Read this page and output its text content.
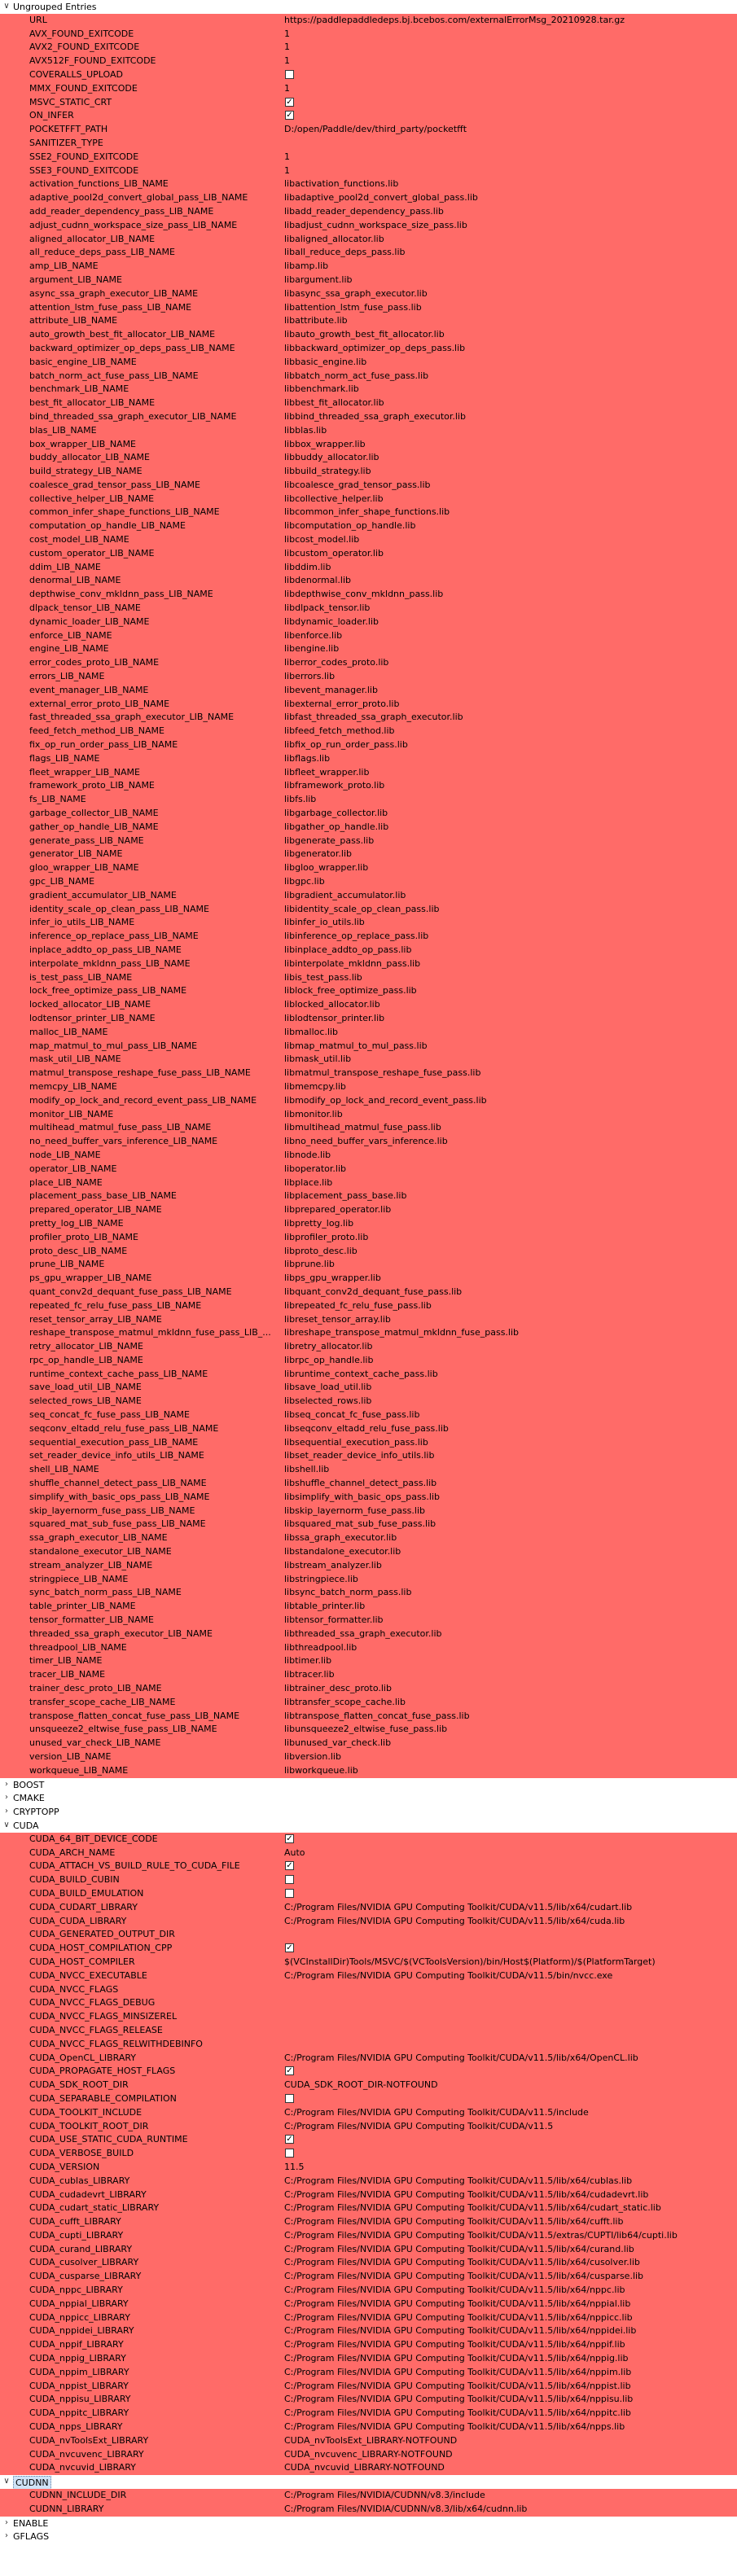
∨ Ungrouped Entries
URL	https://paddlepaddledeps.bj.bcebos.com/externalErrorMsg_20210928.tar.gz
AVX_FOUND_EXITCODE	1
AVX2_FOUND_EXITCODE	1
AVX512F_FOUND_EXITCODE	1
COVERALLS_UPLOAD
MMX_FOUND_EXITCODE	1
MSVC_STATIC_CRT	✓
ON_INFER	✓
POCKETFFT_PATH	D:/open/Paddle/dev/third_party/pocketfft
SANITIZER_TYPE
SSE2_FOUND_EXITCODE	1
SSE3_FOUND_EXITCODE	1
activation_functions_LIB_NAME	libactivation_functions.lib
adaptive_pool2d_convert_global_pass_LIB_NAME	libadaptive_pool2d_convert_global_pass.lib
add_reader_dependency_pass_LIB_NAME	libadd_reader_dependency_pass.lib
adjust_cudnn_workspace_size_pass_LIB_NAME	libadjust_cudnn_workspace_size_pass.lib
aligned_allocator_LIB_NAME	libaligned_allocator.lib
all_reduce_deps_pass_LIB_NAME	liball_reduce_deps_pass.lib
amp_LIB_NAME	libamp.lib
argument_LIB_NAME	libargument.lib
async_ssa_graph_executor_LIB_NAME	libasync_ssa_graph_executor.lib
attention_lstm_fuse_pass_LIB_NAME	libattention_lstm_fuse_pass.lib
attribute_LIB_NAME	libattribute.lib
auto_growth_best_fit_allocator_LIB_NAME	libauto_growth_best_fit_allocator.lib
backward_optimizer_op_deps_pass_LIB_NAME	libbackward_optimizer_op_deps_pass.lib
basic_engine_LIB_NAME	libbasic_engine.lib
batch_norm_act_fuse_pass_LIB_NAME	libbatch_norm_act_fuse_pass.lib
benchmark_LIB_NAME	libbenchmark.lib
best_fit_allocator_LIB_NAME	libbest_fit_allocator.lib
bind_threaded_ssa_graph_executor_LIB_NAME	libbind_threaded_ssa_graph_executor.lib
blas_LIB_NAME	libblas.lib
box_wrapper_LIB_NAME	libbox_wrapper.lib
buddy_allocator_LIB_NAME	libbuddy_allocator.lib
build_strategy_LIB_NAME	libbuild_strategy.lib
coalesce_grad_tensor_pass_LIB_NAME	libcoalesce_grad_tensor_pass.lib
collective_helper_LIB_NAME	libcollective_helper.lib
common_infer_shape_functions_LIB_NAME	libcommon_infer_shape_functions.lib
computation_op_handle_LIB_NAME	libcomputation_op_handle.lib
cost_model_LIB_NAME	libcost_model.lib
custom_operator_LIB_NAME	libcustom_operator.lib
ddim_LIB_NAME	libddim.lib
denormal_LIB_NAME	libdenormal.lib
depthwise_conv_mkldnn_pass_LIB_NAME	libdepthwise_conv_mkldnn_pass.lib
dlpack_tensor_LIB_NAME	libdlpack_tensor.lib
dynamic_loader_LIB_NAME	libdynamic_loader.lib
enforce_LIB_NAME	libenforce.lib
engine_LIB_NAME	libengine.lib
error_codes_proto_LIB_NAME	liberror_codes_proto.lib
errors_LIB_NAME	liberrors.lib
event_manager_LIB_NAME	libevent_manager.lib
external_error_proto_LIB_NAME	libexternal_error_proto.lib
fast_threaded_ssa_graph_executor_LIB_NAME	libfast_threaded_ssa_graph_executor.lib
feed_fetch_method_LIB_NAME	libfeed_fetch_method.lib
fix_op_run_order_pass_LIB_NAME	libfix_op_run_order_pass.lib
flags_LIB_NAME	libflags.lib
fleet_wrapper_LIB_NAME	libfleet_wrapper.lib
framework_proto_LIB_NAME	libframework_proto.lib
fs_LIB_NAME	libfs.lib
garbage_collector_LIB_NAME	libgarbage_collector.lib
gather_op_handle_LIB_NAME	libgather_op_handle.lib
generate_pass_LIB_NAME	libgenerate_pass.lib
generator_LIB_NAME	libgenerator.lib
gloo_wrapper_LIB_NAME	libgloo_wrapper.lib
gpc_LIB_NAME	libgpc.lib
gradient_accumulator_LIB_NAME	libgradient_accumulator.lib
identity_scale_op_clean_pass_LIB_NAME	libidentity_scale_op_clean_pass.lib
infer_io_utils_LIB_NAME	libinfer_io_utils.lib
inference_op_replace_pass_LIB_NAME	libinference_op_replace_pass.lib
inplace_addto_op_pass_LIB_NAME	libinplace_addto_op_pass.lib
interpolate_mkldnn_pass_LIB_NAME	libinterpolate_mkldnn_pass.lib
is_test_pass_LIB_NAME	libis_test_pass.lib
lock_free_optimize_pass_LIB_NAME	liblock_free_optimize_pass.lib
locked_allocator_LIB_NAME	liblocked_allocator.lib
lodtensor_printer_LIB_NAME	liblodtensor_printer.lib
malloc_LIB_NAME	libmalloc.lib
map_matmul_to_mul_pass_LIB_NAME	libmap_matmul_to_mul_pass.lib
mask_util_LIB_NAME	libmask_util.lib
matmul_transpose_reshape_fuse_pass_LIB_NAME	libmatmul_transpose_reshape_fuse_pass.lib
memcpy_LIB_NAME	libmemcpy.lib
modify_op_lock_and_record_event_pass_LIB_NAME	libmodify_op_lock_and_record_event_pass.lib
monitor_LIB_NAME	libmonitor.lib
multihead_matmul_fuse_pass_LIB_NAME	libmultihead_matmul_fuse_pass.lib
no_need_buffer_vars_inference_LIB_NAME	libno_need_buffer_vars_inference.lib
node_LIB_NAME	libnode.lib
operator_LIB_NAME	liboperator.lib
place_LIB_NAME	libplace.lib
placement_pass_base_LIB_NAME	libplacement_pass_base.lib
prepared_operator_LIB_NAME	libprepared_operator.lib
pretty_log_LIB_NAME	libpretty_log.lib
profiler_proto_LIB_NAME	libprofiler_proto.lib
proto_desc_LIB_NAME	libproto_desc.lib
prune_LIB_NAME	libprune.lib
ps_gpu_wrapper_LIB_NAME	libps_gpu_wrapper.lib
quant_conv2d_dequant_fuse_pass_LIB_NAME	libquant_conv2d_dequant_fuse_pass.lib
repeated_fc_relu_fuse_pass_LIB_NAME	librepeated_fc_relu_fuse_pass.lib
reset_tensor_array_LIB_NAME	libreset_tensor_array.lib
reshape_transpose_matmul_mkldnn_fuse_pass_LIB_... libreshape_transpose_matmul_mkldnn_fuse_pass.lib
retry_allocator_LIB_NAME	libretry_allocator.lib
rpc_op_handle_LIB_NAME	librpc_op_handle.lib
runtime_context_cache_pass_LIB_NAME	libruntime_context_cache_pass.lib
save_load_util_LIB_NAME	libsave_load_util.lib
selected_rows_LIB_NAME	libselected_rows.lib
seq_concat_fc_fuse_pass_LIB_NAME	libseq_concat_fc_fuse_pass.lib
seqconv_eltadd_relu_fuse_pass_LIB_NAME	libseqconv_eltadd_relu_fuse_pass.lib
sequential_execution_pass_LIB_NAME	libsequential_execution_pass.lib
set_reader_device_info_utils_LIB_NAME	libset_reader_device_info_utils.lib
shell_LIB_NAME	libshell.lib
shuffle_channel_detect_pass_LIB_NAME	libshuffle_channel_detect_pass.lib
simplify_with_basic_ops_pass_LIB_NAME	libsimplify_with_basic_ops_pass.lib
skip_layernorm_fuse_pass_LIB_NAME	libskip_layernorm_fuse_pass.lib
squared_mat_sub_fuse_pass_LIB_NAME	libsquared_mat_sub_fuse_pass.lib
ssa_graph_executor_LIB_NAME	libssa_graph_executor.lib
standalone_executor_LIB_NAME	libstandalone_executor.lib
stream_analyzer_LIB_NAME	libstream_analyzer.lib
stringpiece_LIB_NAME	libstringpiece.lib
sync_batch_norm_pass_LIB_NAME	libsync_batch_norm_pass.lib
table_printer_LIB_NAME	libtable_printer.lib
tensor_formatter_LIB_NAME	libtensor_formatter.lib
threaded_ssa_graph_executor_LIB_NAME	libthreaded_ssa_graph_executor.lib
threadpool_LIB_NAME	libthreadpool.lib
timer_LIB_NAME	libtimer.lib
tracer_LIB_NAME	libtracer.lib
trainer_desc_proto_LIB_NAME	libtrainer_desc_proto.lib
transfer_scope_cache_LIB_NAME	libtransfer_scope_cache.lib
transpose_flatten_concat_fuse_pass_LIB_NAME	libtranspose_flatten_concat_fuse_pass.lib
unsqueeze2_eltwise_fuse_pass_LIB_NAME	libunsqueeze2_eltwise_fuse_pass.lib
unused_var_check_LIB_NAME	libunused_var_check.lib
version_LIB_NAME	libversion.lib
workqueue_LIB_NAME	libworkqueue.lib
› BOOST
› CMAKE
› CRYPTOPP
∨ CUDA
CUDA_64_BIT_DEVICE_CODE	✓
CUDA_ARCH_NAME	Auto
CUDA_ATTACH_VS_BUILD_RULE_TO_CUDA_FILE	✓
CUDA_BUILD_CUBIN
CUDA_BUILD_EMULATION
CUDA_CUDART_LIBRARY	C:/Program Files/NVIDIA GPU Computing Toolkit/CUDA/v11.5/lib/x64/cudart.lib
CUDA_CUDA_LIBRARY	C:/Program Files/NVIDIA GPU Computing Toolkit/CUDA/v11.5/lib/x64/cuda.lib
CUDA_GENERATED_OUTPUT_DIR
CUDA_HOST_COMPILATION_CPP	✓
CUDA_HOST_COMPILER	$(VCInstallDir)Tools/MSVC/$(VCToolsVersion)/bin/Host$(Platform)/$(PlatformTarget)
CUDA_NVCC_EXECUTABLE	C:/Program Files/NVIDIA GPU Computing Toolkit/CUDA/v11.5/bin/nvcc.exe
CUDA_NVCC_FLAGS
CUDA_NVCC_FLAGS_DEBUG
CUDA_NVCC_FLAGS_MINSIZEREL
CUDA_NVCC_FLAGS_RELEASE
CUDA_NVCC_FLAGS_RELWITHDEBINFO
CUDA_OpenCL_LIBRARY	C:/Program Files/NVIDIA GPU Computing Toolkit/CUDA/v11.5/lib/x64/OpenCL.lib
CUDA_PROPAGATE_HOST_FLAGS	✓
CUDA_SDK_ROOT_DIR	CUDA_SDK_ROOT_DIR-NOTFOUND
CUDA_SEPARABLE_COMPILATION
CUDA_TOOLKIT_INCLUDE	C:/Program Files/NVIDIA GPU Computing Toolkit/CUDA/v11.5/include
CUDA_TOOLKIT_ROOT_DIR	C:/Program Files/NVIDIA GPU Computing Toolkit/CUDA/v11.5
CUDA_USE_STATIC_CUDA_RUNTIME	✓
CUDA_VERBOSE_BUILD
CUDA_VERSION	11.5
CUDA_cublas_LIBRARY	C:/Program Files/NVIDIA GPU Computing Toolkit/CUDA/v11.5/lib/x64/cublas.lib
CUDA_cudadevrt_LIBRARY	C:/Program Files/NVIDIA GPU Computing Toolkit/CUDA/v11.5/lib/x64/cudadevrt.lib
CUDA_cudart_static_LIBRARY	C:/Program Files/NVIDIA GPU Computing Toolkit/CUDA/v11.5/lib/x64/cudart_static.lib
CUDA_cufft_LIBRARY	C:/Program Files/NVIDIA GPU Computing Toolkit/CUDA/v11.5/lib/x64/cufft.lib
CUDA_cupti_LIBRARY	C:/Program Files/NVIDIA GPU Computing Toolkit/CUDA/v11.5/extras/CUPTI/lib64/cupti.lib
CUDA_curand_LIBRARY	C:/Program Files/NVIDIA GPU Computing Toolkit/CUDA/v11.5/lib/x64/curand.lib
CUDA_cusolver_LIBRARY	C:/Program Files/NVIDIA GPU Computing Toolkit/CUDA/v11.5/lib/x64/cusolver.lib
CUDA_cusparse_LIBRARY	C:/Program Files/NVIDIA GPU Computing Toolkit/CUDA/v11.5/lib/x64/cusparse.lib
CUDA_nppc_LIBRARY	C:/Program Files/NVIDIA GPU Computing Toolkit/CUDA/v11.5/lib/x64/nppc.lib
CUDA_nppial_LIBRARY	C:/Program Files/NVIDIA GPU Computing Toolkit/CUDA/v11.5/lib/x64/nppial.lib
CUDA_nppicc_LIBRARY	C:/Program Files/NVIDIA GPU Computing Toolkit/CUDA/v11.5/lib/x64/nppicc.lib
CUDA_nppidei_LIBRARY	C:/Program Files/NVIDIA GPU Computing Toolkit/CUDA/v11.5/lib/x64/nppidei.lib
CUDA_nppif_LIBRARY	C:/Program Files/NVIDIA GPU Computing Toolkit/CUDA/v11.5/lib/x64/nppif.lib
CUDA_nppig_LIBRARY	C:/Program Files/NVIDIA GPU Computing Toolkit/CUDA/v11.5/lib/x64/nppig.lib
CUDA_nppim_LIBRARY	C:/Program Files/NVIDIA GPU Computing Toolkit/CUDA/v11.5/lib/x64/nppim.lib
CUDA_nppist_LIBRARY	C:/Program Files/NVIDIA GPU Computing Toolkit/CUDA/v11.5/lib/x64/nppist.lib
CUDA_nppisu_LIBRARY	C:/Program Files/NVIDIA GPU Computing Toolkit/CUDA/v11.5/lib/x64/nppisu.lib
CUDA_nppitc_LIBRARY	C:/Program Files/NVIDIA GPU Computing Toolkit/CUDA/v11.5/lib/x64/nppitc.lib
CUDA_npps_LIBRARY	C:/Program Files/NVIDIA GPU Computing Toolkit/CUDA/v11.5/lib/x64/npps.lib
CUDA_nvToolsExt_LIBRARY	CUDA_nvToolsExt_LIBRARY-NOTFOUND
CUDA_nvcuvenc_LIBRARY	CUDA_nvcuvenc_LIBRARY-NOTFOUND
CUDA_nvcuvid_LIBRARY	CUDA_nvcuvid_LIBRARY-NOTFOUND
∨ CUDNN
CUDNN_INCLUDE_DIR	C:/Program Files/NVIDIA/CUDNN/v8.3/include
CUDNN_LIBRARY	C:/Program Files/NVIDIA/CUDNN/v8.3/lib/x64/cudnn.lib
› ENABLE
› GFLAGS
